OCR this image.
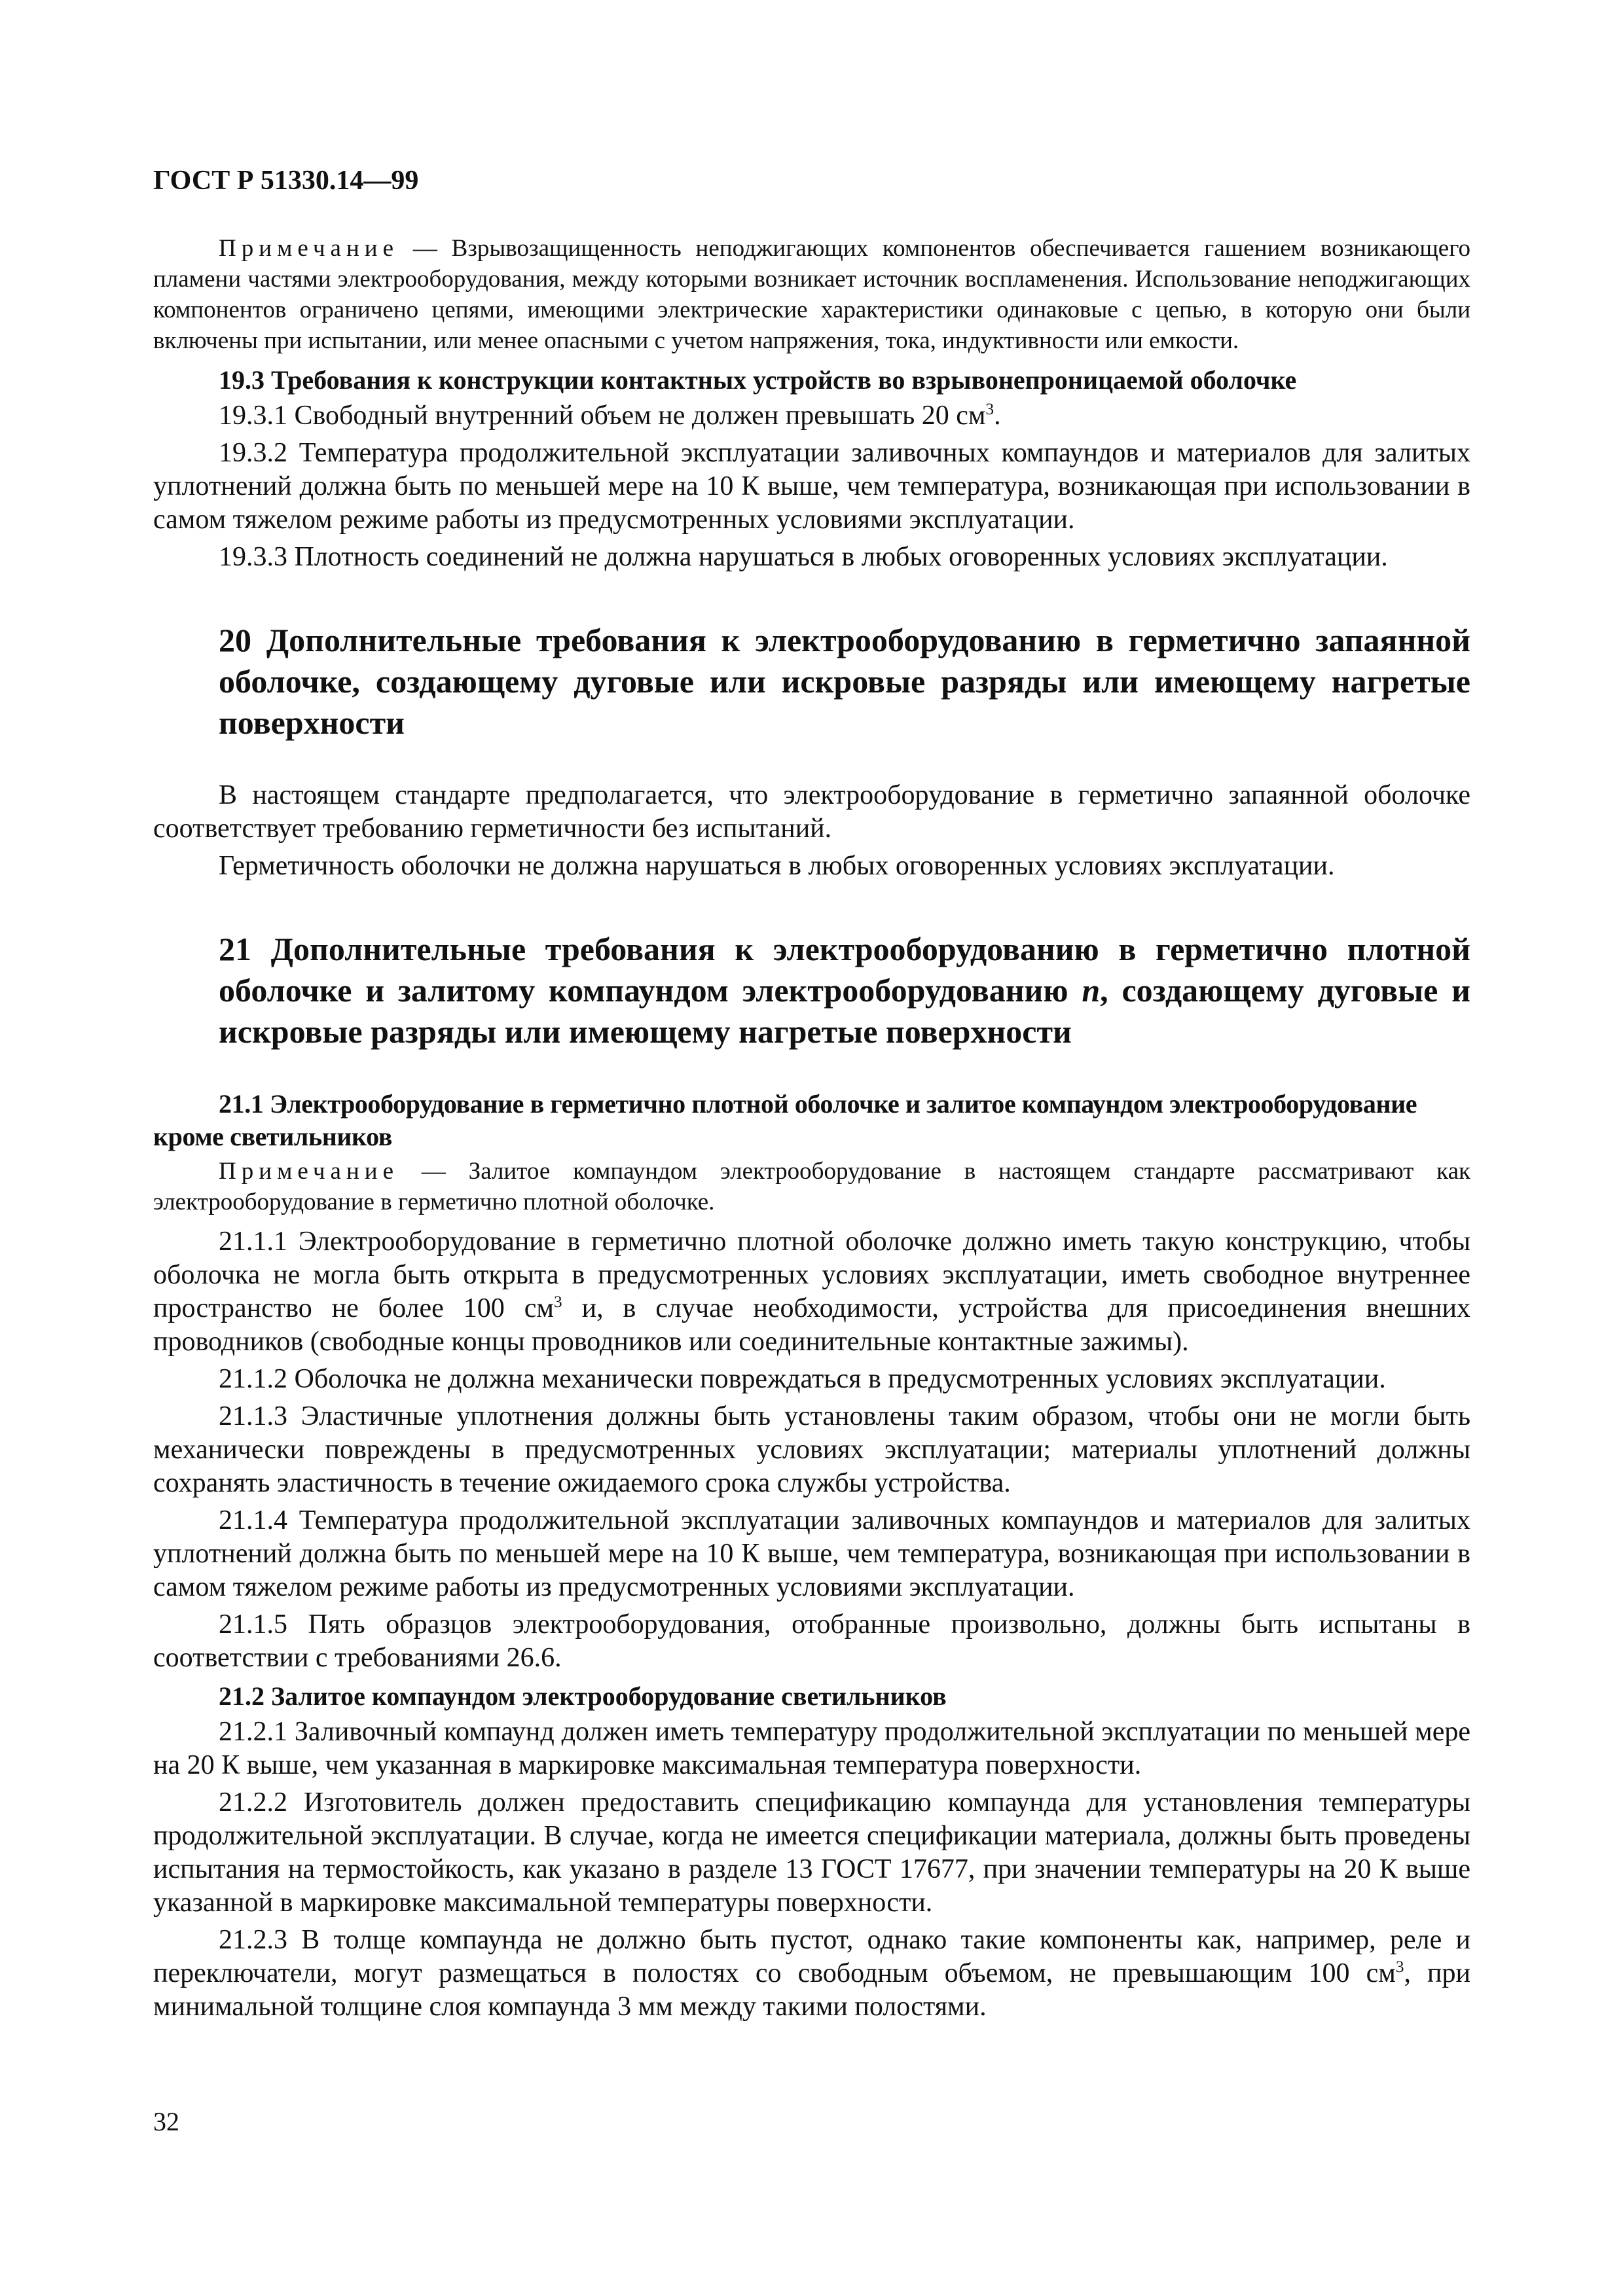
ГОСТ Р 51330.14—99

Примечание — Взрывозащищенность неподжигающих компонентов обеспечивается гашением возникающего пламени частями электрооборудования, между которыми возникает источник воспламенения. Использование неподжигающих компонентов ограничено цепями, имеющими электрические характеристики одинаковые с цепью, в которую они были включены при испытании, или менее опасными с учетом напряжения, тока, индуктивности или емкости.

19.3 Требования к конструкции контактных устройств во взрывонепроницаемой оболочке

19.3.1 Свободный внутренний объем не должен превышать 20 $см^3$.

19.3.2 Температура продолжительной эксплуатации заливочных компаундов и материалов для залитых уплотнений должна быть по меньшей мере на 10 К выше, чем температура, возникающая при использовании в самом тяжелом режиме работы из предусмотренных условиями эксплуатации.

19.3.3 Плотность соединений не должна нарушаться в любых оговоренных условиях эксплуатации.

20 Дополнительные требования к электрооборудованию в герметично запаянной оболочке, создающему дуговые или искровые разряды или имеющему нагретые поверхности

В настоящем стандарте предполагается, что электрооборудование в герметично запаянной оболочке соответствует требованию герметичности без испытаний.

Герметичность оболочки не должна нарушаться в любых оговоренных условиях эксплуатации.

21 Дополнительные требования к электрооборудованию в герметично плотной оболочке и залитому компаундом электрооборудованию n, создающему дуговые и искровые разряды или имеющему нагретые поверхности

21.1 Электрооборудование в герметично плотной оболочке и залитое компаундом электрооборудование кроме светильников

Примечание — Залитое компаундом электрооборудование в настоящем стандарте рассматривают как электрооборудование в герметично плотной оболочке.

21.1.1 Электрооборудование в герметично плотной оболочке должно иметь такую конструкцию, чтобы оболочка не могла быть открыта в предусмотренных условиях эксплуатации, иметь свободное внутреннее пространство не более 100 $см^3$ и, в случае необходимости, устройства для присоединения внешних проводников (свободные концы проводников или соединительные контактные зажимы).

21.1.2 Оболочка не должна механически повреждаться в предусмотренных условиях эксплуатации.

21.1.3 Эластичные уплотнения должны быть установлены таким образом, чтобы они не могли быть механически повреждены в предусмотренных условиях эксплуатации; материалы уплотнений должны сохранять эластичность в течение ожидаемого срока службы устройства.

21.1.4 Температура продолжительной эксплуатации заливочных компаундов и материалов для залитых уплотнений должна быть по меньшей мере на 10 К выше, чем температура, возникающая при использовании в самом тяжелом режиме работы из предусмотренных условиями эксплуатации.

21.1.5 Пять образцов электрооборудования, отобранные произвольно, должны быть испытаны в соответствии с требованиями 26.6.

21.2 Залитое компаундом электрооборудование светильников

21.2.1 Заливочный компаунд должен иметь температуру продолжительной эксплуатации по меньшей мере на 20 К выше, чем указанная в маркировке максимальная температура поверхности.

21.2.2 Изготовитель должен предоставить спецификацию компаунда для установления температуры продолжительной эксплуатации. В случае, когда не имеется спецификации материала, должны быть проведены испытания на термостойкость, как указано в разделе 13 ГОСТ 17677, при значении температуры на 20 К выше указанной в маркировке максимальной температуры поверхности.

21.2.3 В толще компаунда не должно быть пустот, однако такие компоненты как, например, реле и переключатели, могут размещаться в полостях со свободным объемом, не превышающим 100 $см^3$, при минимальной толщине слоя компаунда 3 мм между такими полостями.

32
